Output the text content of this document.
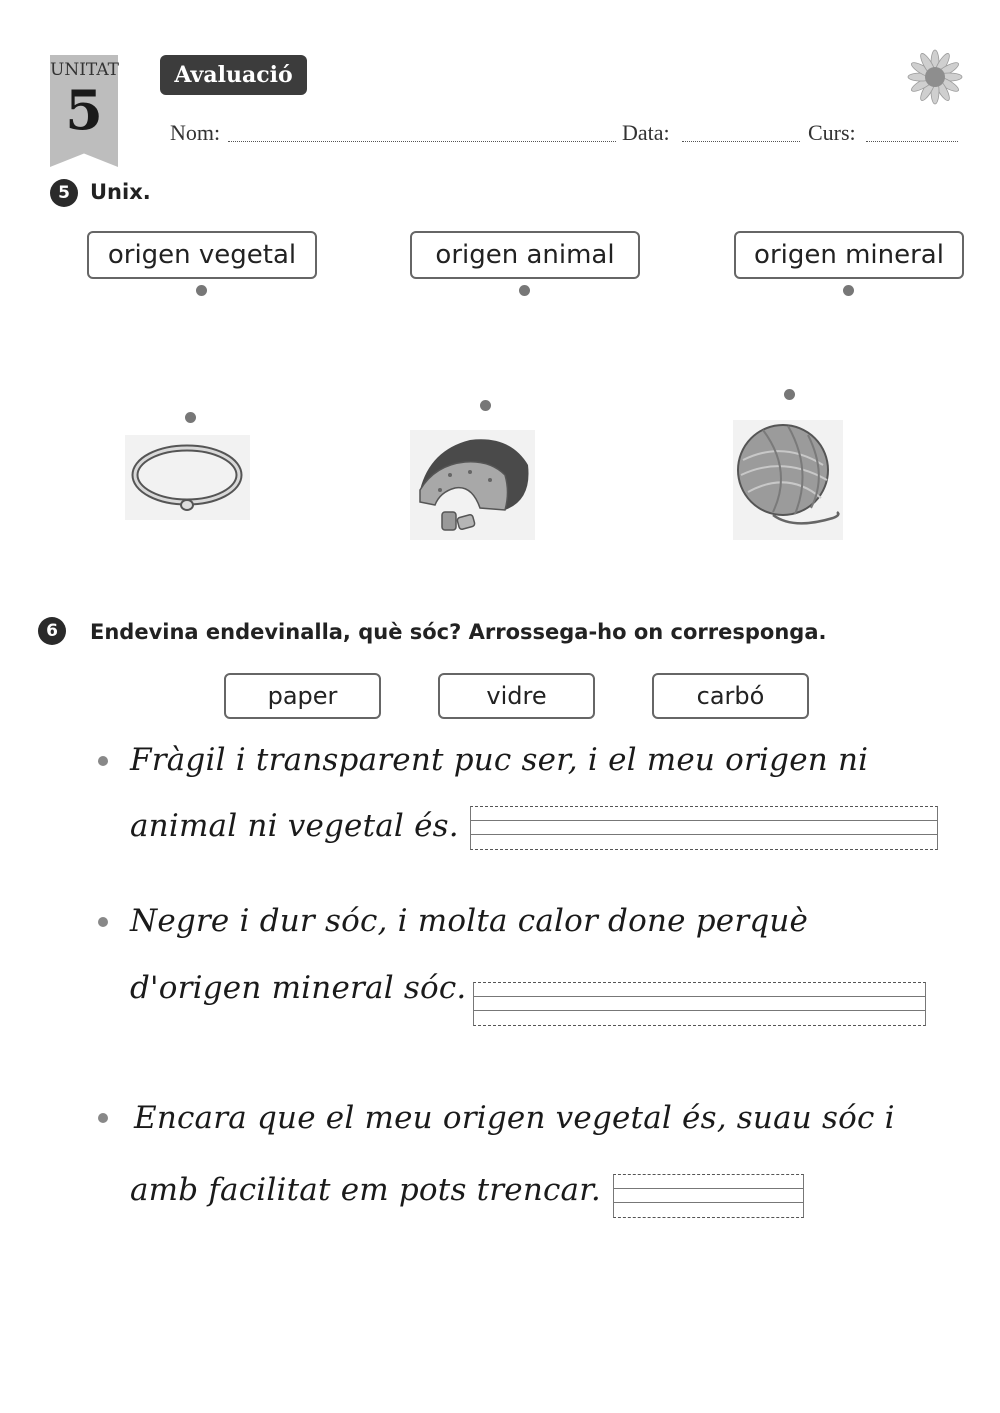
UNITAT
5
Avaluació
Nom:	Data:	Curs:
5 Unix.
origen vegetal	origen animal	origen mineral
6	Endevina endevinalla, què sóc? Arrossega-ho on corresponga.
paper	vidre	carbó
Fràgil i transparent puc ser, i el meu origen ni
animal ni vegetal és.
Negre i dur sóc, i molta calor done perquè
d'origen mineral sóc.
Encara que el meu origen vegetal és, suau sóc i
amb facilitat em pots trencar.
